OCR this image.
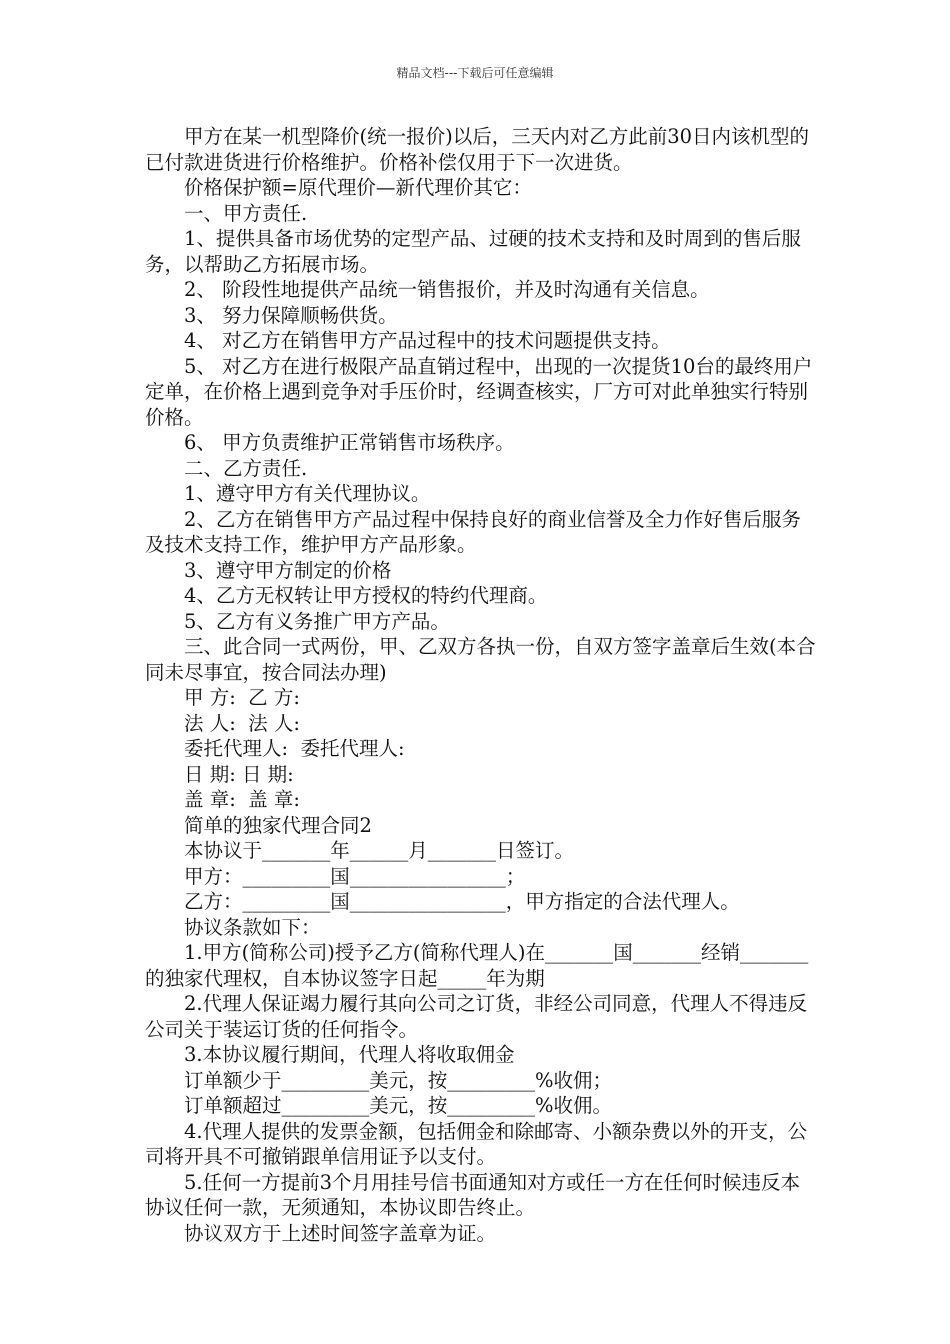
精品文档---下载后可任意编辑

甲方在某一机型降价(统一报价)以后，三天内对乙方此前30日内该机型的已付款进货进行价格维护。价格补偿仅用于下一次进货。

价格保护额=原代理价—新代理价其它：

一、甲方责任.

1、提供具备市场优势的定型产品、过硬的技术支持和及时周到的售后服务，以帮助乙方拓展市场。

2、 阶段性地提供产品统一销售报价，并及时沟通有关信息。

3、 努力保障顺畅供货。

4、 对乙方在销售甲方产品过程中的技术问题提供支持。

5、 对乙方在进行极限产品直销过程中，出现的一次提货10台的最终用户定单，在价格上遇到竞争对手压价时，经调查核实，厂方可对此单独实行特别价格。

6、 甲方负责维护正常销售市场秩序。

二、乙方责任.

1、遵守甲方有关代理协议。

2、乙方在销售甲方产品过程中保持良好的商业信誉及全力作好售后服务及技术支持工作，维护甲方产品形象。

3、遵守甲方制定的价格

4、乙方无权转让甲方授权的特约代理商。

5、乙方有义务推广甲方产品。

三、此合同一式两份，甲、乙双方各执一份，自双方签字盖章后生效(本合同未尽事宜，按合同法办理)

甲 方:  乙 方:

法 人:  法 人:

委托代理人:  委托代理人:

日 期: 日 期:

盖 章:  盖 章:

简单的独家代理合同2

本协议于_______年______月_______日签订。

甲方：_________国________________；

乙方：_________国________________，甲方指定的合法代理人。

协议条款如下：

1.甲方(简称公司)授予乙方(简称代理人)在_______国_______经销_______的独家代理权，自本协议签字日起_____年为期

2.代理人保证竭力履行其向公司之订货，非经公司同意，代理人不得违反公司关于装运订货的任何指令。

3.本协议履行期间，代理人将收取佣金

订单额少于_________美元，按_________%收佣；

订单额超过_________美元，按_________%收佣。

4.代理人提供的发票金额，包括佣金和除邮寄、小额杂费以外的开支，公司将开具不可撤销跟单信用证予以支付。

5.任何一方提前3个月用挂号信书面通知对方或任一方在任何时候违反本协议任何一款，无须通知，本协议即告终止。

协议双方于上述时间签字盖章为证。
